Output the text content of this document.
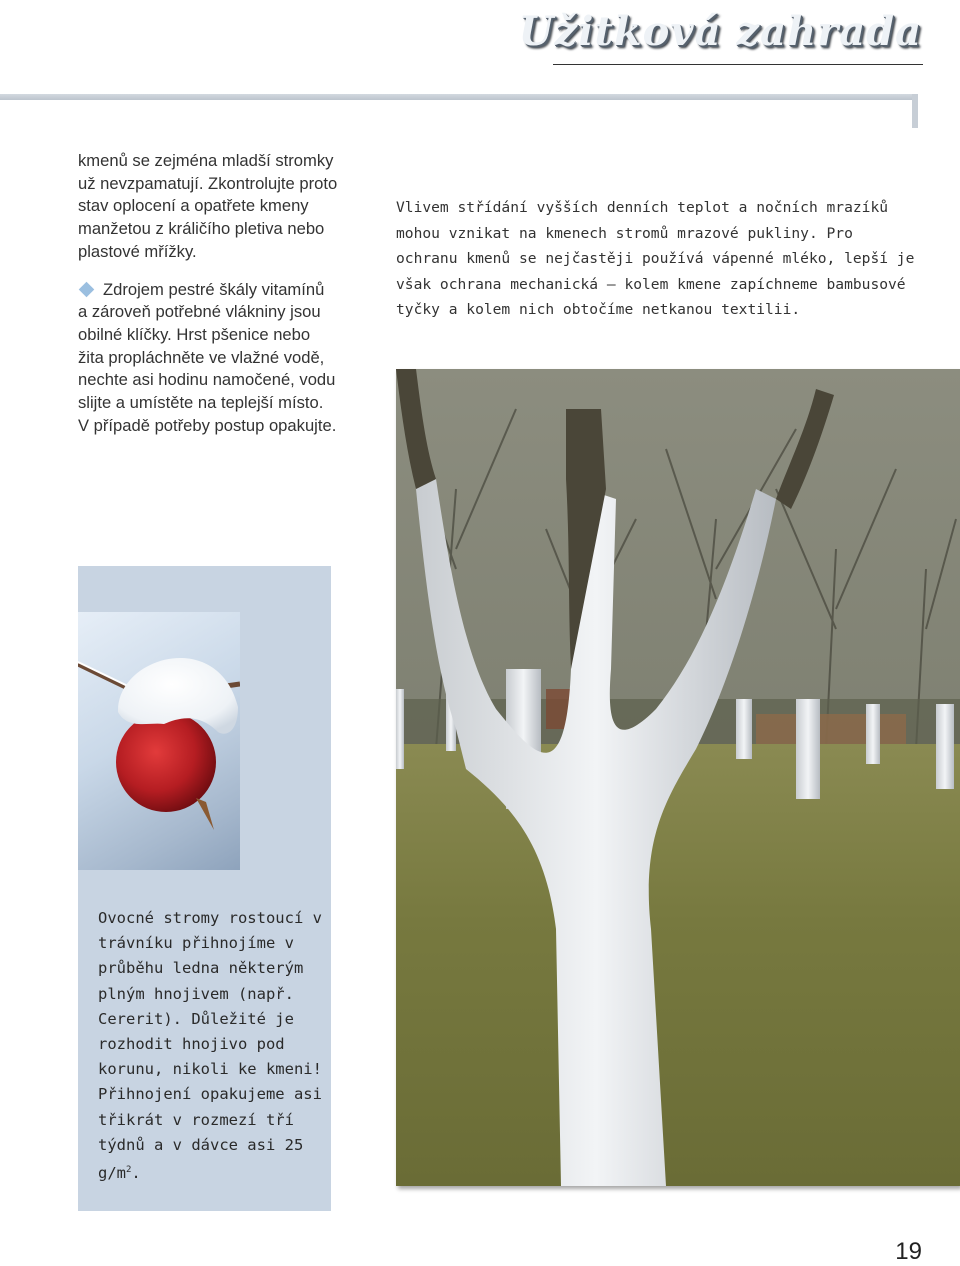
Užitková zahrada

kmenů se zejména mladší stromky už nevzpamatují. Zkontrolujte proto stav oplocení a opatřete kmeny manžetou z králičího pletiva nebo plastové mřížky.

Zdrojem pestré škály vitamínů a zároveň potřebné vlákniny jsou obilné klíčky. Hrst pšenice nebo žita propláchněte ve vlažné vodě, nechte asi hodinu namočené, vodu slijte a umístěte na teplejší místo. V případě potřeby postup opakujte.

Vlivem střídání vyšších denních teplot a nočních mrazíků mohou vznikat na kmenech stromů mrazové pukliny. Pro ochranu kmenů se nejčastěji používá vápenné mléko, lepší je však ochrana mechanická – kolem kmene zapíchneme bambusové tyčky a kolem nich obtočíme netkanou textilii.

Ovocné stromy rostoucí v trávníku přihnojíme v průběhu ledna některým plným hnojivem (např. Cererit). Důležité je rozhodit hnojivo pod korunu, nikoli ke kmeni! Přihnojení opakujeme asi třikrát v rozmezí tří týdnů a v dávce asi 25 $g/m^2$.
19
